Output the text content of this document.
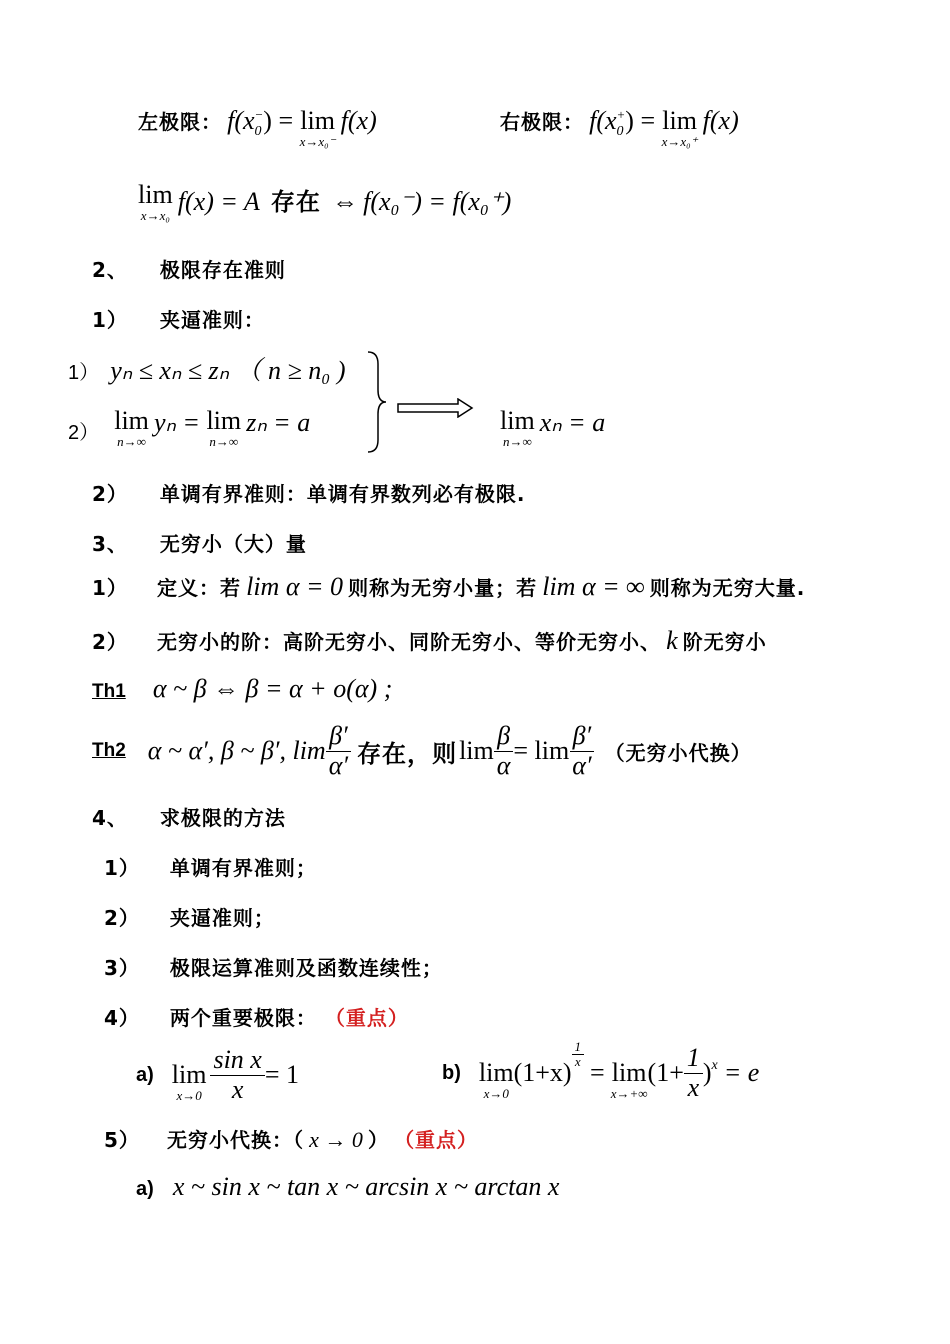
左极限： $f(x_0^-) = \lim$
x→x₀⁻
f(x)	右极限： $f(x_0^+) = \lim$
x→x₀⁺
f(x)
lim
x→x₀ f(x) = A 存在 ⇔ f(x₀⁻) = f(x₀⁺)
2、 极限存在准则
1） 夹逼准则：
1） yₙ ≤ xₙ ≤ zₙ （ n ≥ n₀ )
2） lim
n→∞
yₙ = lim
n→∞
zₙ = a	lim
n→∞
xₙ = a
2） 单调有界准则：单调有界数列必有极限.
3、 无穷小（大）量
1） 定义：若 lim α = 0 则称为无穷小量；若 lim α = ∞ 则称为无穷大量.
2） 无穷小的阶：高阶无穷小、同阶无穷小、等价无穷小、 k 阶无穷小
Th1 α ~ β ⇔ β = α + o(α) ;
Th2 α ~ α′, β ~ β′, $\lim \frac{\beta'}{\alpha'}$ 存在， 则 $\lim \frac{\beta}{\alpha} = \lim \frac{\beta'}{\alpha'}$ （无穷小代换）
4、 求极限的方法
1） 单调有界准则；
2） 夹逼准则；
3） 极限运算准则及函数连续性；
4） 两个重要极限： （重点）
a) lim
$x\to 0 \frac{\text{sin x}}{x} = 1$	b) lim
x→0
(1+x)
$\frac{1}{x}$
= lim
x→+∞
($1+ \frac{1}{x}$ ) x = e
5） 无穷小代换：（ x → 0 ） （重点）
a) x ~ sin x ~ tan x ~ arcsin x ~ arctan x
